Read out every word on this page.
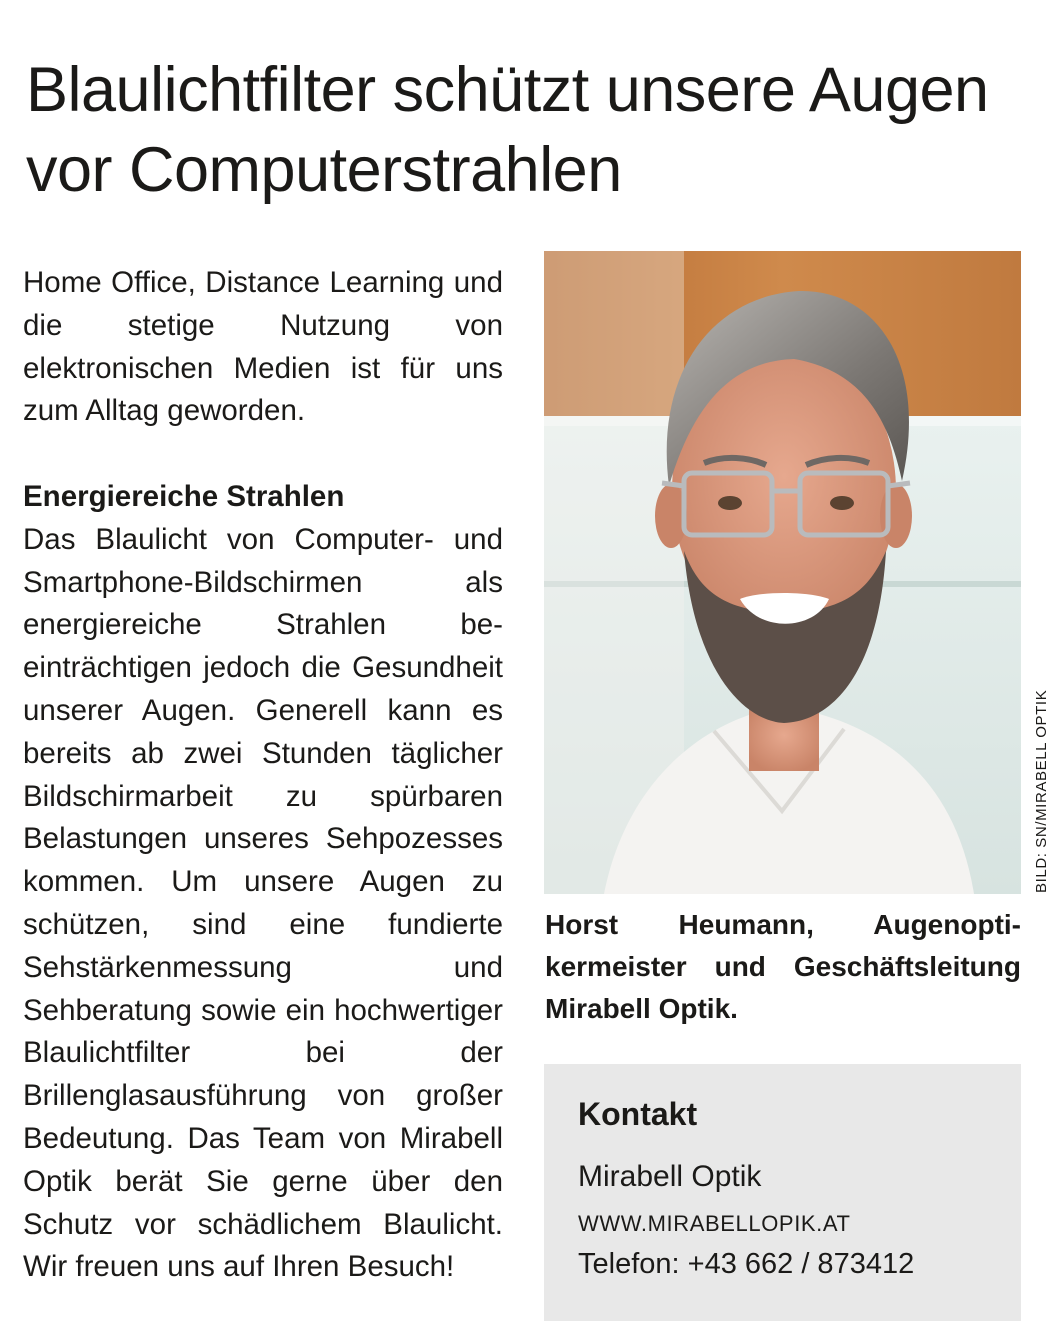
Blaulichtfilter schützt unsere Augen vor Computerstrahlen

Home Office, Distance Learning und die stetige Nutzung von elektronischen Medien ist für uns zum Alltag geworden.

Energiereiche Strahlen

Das Blaulicht von Computer- und Smartphone-Bildschirmen als energiereiche Strahlen beeinträchtigen jedoch die Gesundheit unserer Augen. Generell kann es bereits ab zwei Stunden täglicher Bildschirmarbeit zu spürbaren Belastungen unseres Sehpozesses kommen. Um unsere Augen zu schützen, sind eine fundierte Sehstärkenmessung und Sehberatung sowie ein hochwertiger Blaulichtfilter bei der Brillenglasausführung von großer Bedeutung. Das Team von Mirabell Optik berät Sie gerne über den Schutz vor schädlichem Blaulicht. Wir freuen uns auf Ihren Besuch!

BILD: SN/MIRABELL OPTIK

Horst Heumann, Augenoptikermeister und Geschäftsleitung Mirabell Optik.

Kontakt
Mirabell Optik
WWW.MIRABELLOPIK.AT
Telefon: +43 662 / 873412
